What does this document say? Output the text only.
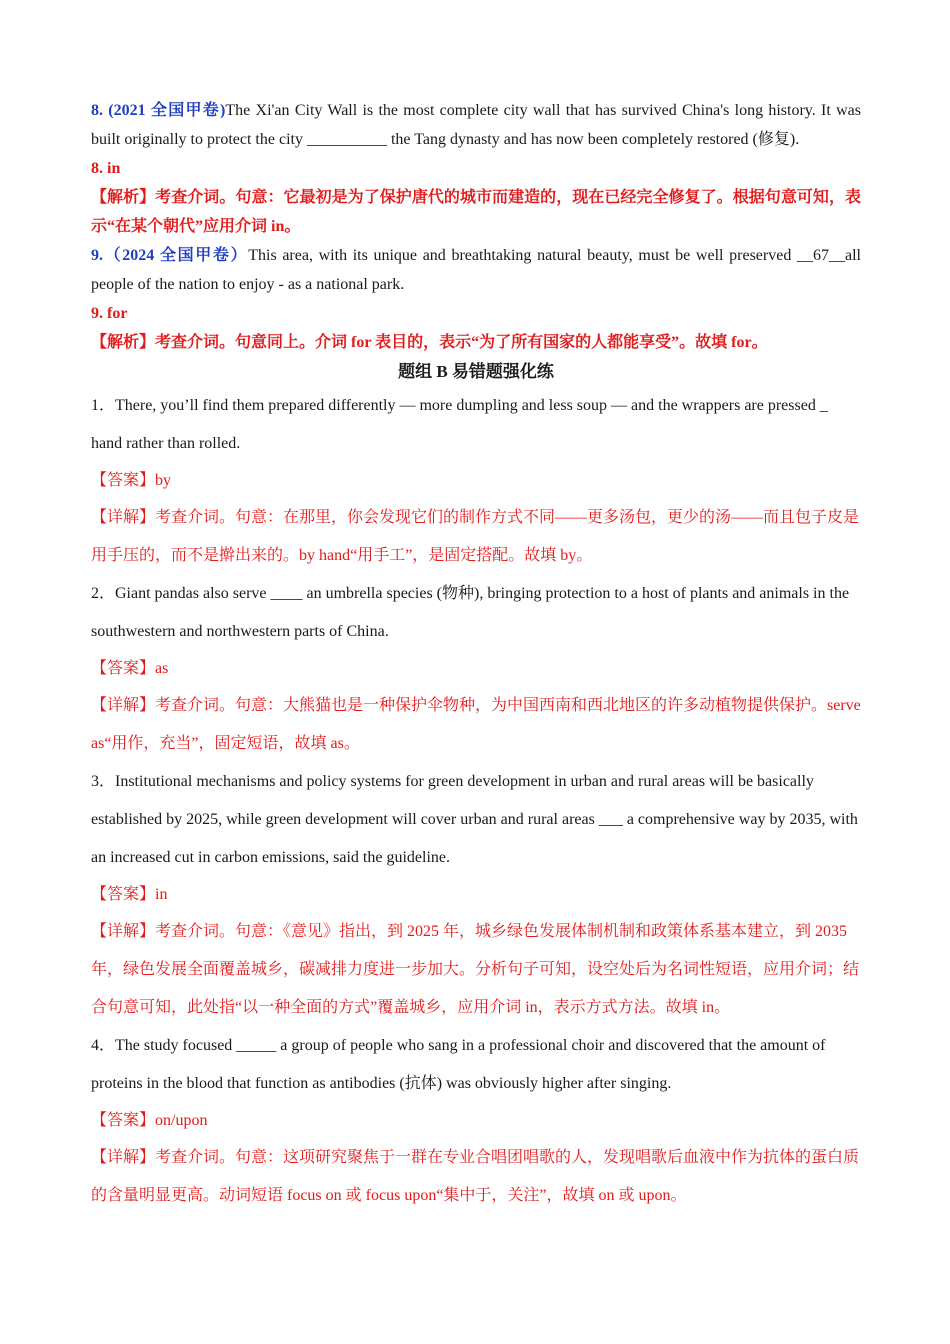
8. (2021 全国甲卷)The Xi'an City Wall is the most complete city wall that has survived China's long history. It was built originally to protect the city __________ the Tang dynasty and has now been completely restored (修复).
8. in
【解析】考查介词。句意：它最初是为了保护唐代的城市而建造的，现在已经完全修复了。根据句意可知，表示“在某个朝代”应用介词 in。
9.（2024 全国甲卷）This area, with its unique and breathtaking natural beauty, must be well preserved __67__all people of the nation to enjoy - as a national park.
9. for
【解析】考查介词。句意同上。介词 for 表目的，表示“为了所有国家的人都能享受”。故填 for。
题组 B 易错题强化练
1．There, you’ll find them prepared differently — more dumpling and less soup — and the wrappers are pressed _ hand rather than rolled.
【答案】by
【详解】考查介词。句意：在那里，你会发现它们的制作方式不同——更多汤包，更少的汤——而且包子皮是用手压的，而不是擀出来的。by hand“用手工”，是固定搭配。故填 by。
2．Giant pandas also serve ____ an umbrella species (物种), bringing protection to a host of plants and animals in the southwestern and northwestern parts of China.
【答案】as
【详解】考查介词。句意：大熊猫也是一种保护伞物种，为中国西南和西北地区的许多动植物提供保护。serve as“用作，充当”，固定短语，故填 as。
3．Institutional mechanisms and policy systems for green development in urban and rural areas will be basically established by 2025, while green development will cover urban and rural areas ___ a comprehensive way by 2035, with an increased cut in carbon emissions, said the guideline.
【答案】in
【详解】考查介词。句意：《意见》指出，到 2025 年，城乡绿色发展体制机制和政策体系基本建立，到 2035 年，绿色发展全面覆盖城乡，碳减排力度进一步加大。分析句子可知，设空处后为名词性短语，应用介词；结合句意可知，此处指“以一种全面的方式”覆盖城乡，应用介词 in，表示方式方法。故填 in。
4．The study focused _____ a group of people who sang in a professional choir and discovered that the amount of proteins in the blood that function as antibodies (抗体) was obviously higher after singing.
【答案】on/upon
【详解】考查介词。句意：这项研究聚焦于一群在专业合唱团唱歌的人，发现唱歌后血液中作为抗体的蛋白质的含量明显更高。动词短语 focus on 或 focus upon“集中于，关注”，故填 on 或 upon。
